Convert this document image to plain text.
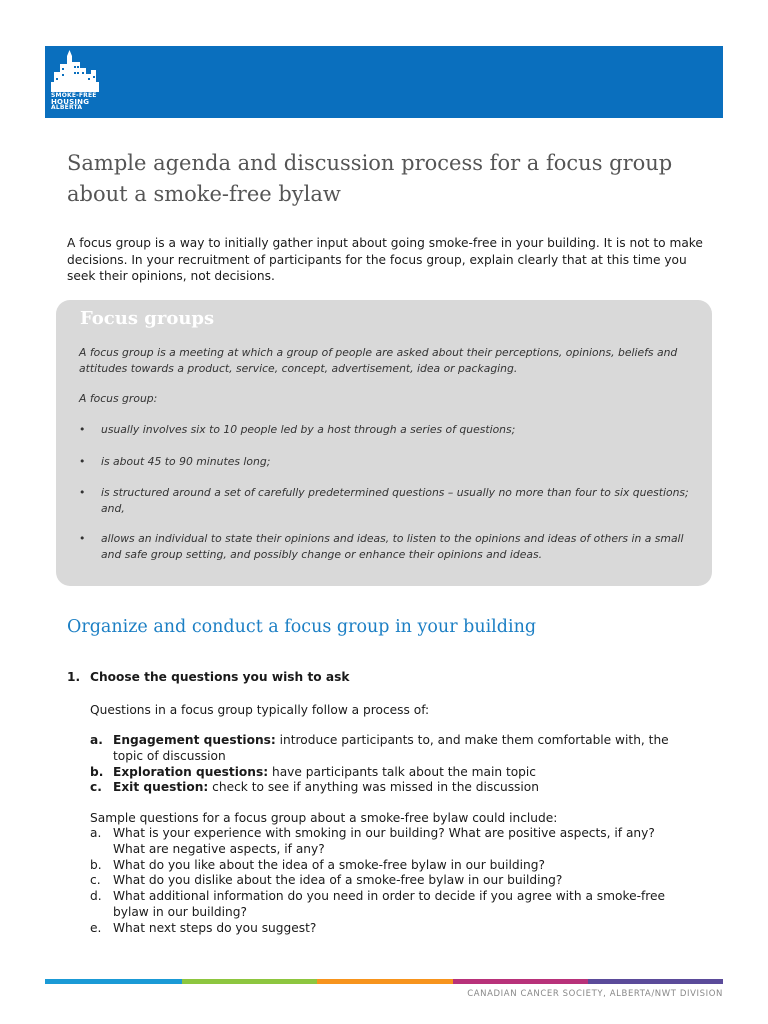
SMOKE-FREE
HOUSING
ALBERTA
Sample agenda and discussion process for a focus group about a smoke-free bylaw

A focus group is a way to initially gather input about going smoke-free in your building. It is not to make decisions. In your recruitment of participants for the focus group, explain clearly that at this time you seek their opinions, not decisions.

Focus groups

A focus group is a meeting at which a group of people are asked about their perceptions, opinions, beliefs and attitudes towards a product, service, concept, advertisement, idea or packaging.

A focus group:

• usually involves six to 10 people led by a host through a series of questions;
• is about 45 to 90 minutes long;
• is structured around a set of carefully predetermined questions – usually no more than four to six questions; and,
• allows an individual to state their opinions and ideas, to listen to the opinions and ideas of others in a small and safe group setting, and possibly change or enhance their opinions and ideas.
Organize and conduct a focus group in your building
1. Choose the questions you wish to ask

Questions in a focus group typically follow a process of:

a. Engagement questions: introduce participants to, and make them comfortable with, the topic of discussion
b. Exploration questions: have participants talk about the main topic
c. Exit question: check to see if anything was missed in the discussion

Sample questions for a focus group about a smoke-free bylaw could include:

a. What is your experience with smoking in our building? What are positive aspects, if any? What are negative aspects, if any?
b. What do you like about the idea of a smoke-free bylaw in our building?
c. What do you dislike about the idea of a smoke-free bylaw in our building?
d. What additional information do you need in order to decide if you agree with a smoke-free bylaw in our building?
e. What next steps do you suggest?
CANADIAN CANCER SOCIETY, ALBERTA/NWT DIVISION
